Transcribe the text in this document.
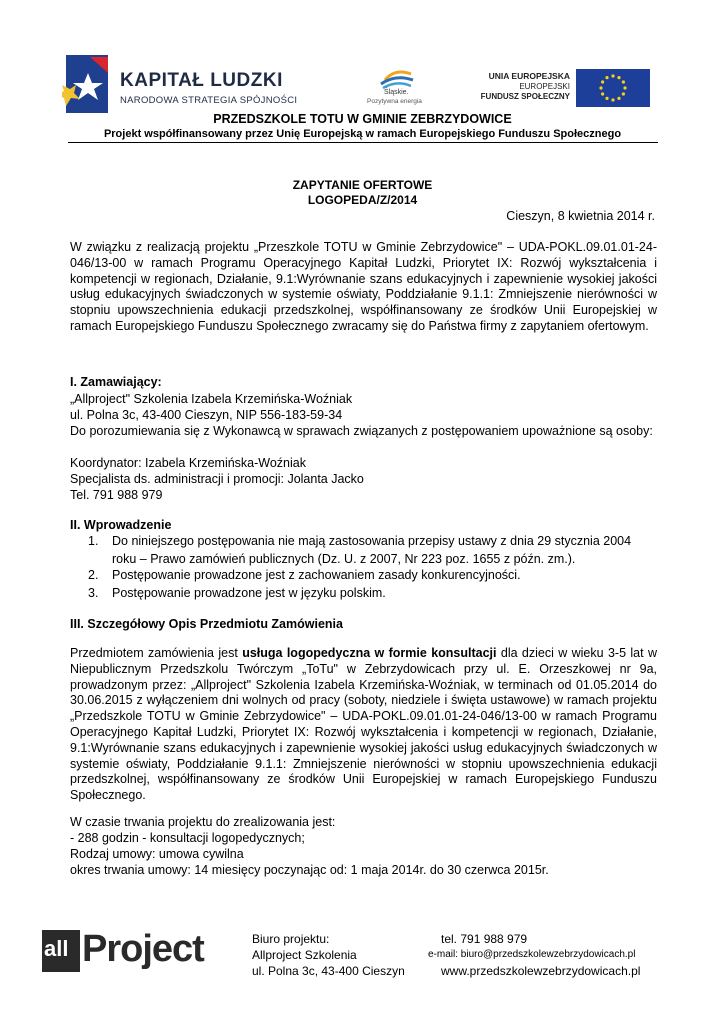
KAPITAŁ LUDZKI
NARODOWA STRATEGIA SPÓJNOŚCI
Śląskie.
Pozytywna energia
UNIA EUROPEJSKA
EUROPEJSKI
FUNDUSZ SPOŁECZNY
PRZEDSZKOLE TOTU W GMINIE ZEBRZYDOWICE
Projekt współfinansowany przez Unię Europejską w ramach Europejskiego Funduszu Społecznego
ZAPYTANIE OFERTOWE
LOGOPEDA/Z/2014
Cieszyn, 8 kwietnia 2014 r.
W związku z realizacją projektu „Przeszkole TOTU w Gminie Zebrzydowice" – UDA-POKL.09.01.01-24-046/13-00 w ramach Programu Operacyjnego Kapitał Ludzki, Priorytet IX: Rozwój wykształcenia i kompetencji w regionach, Działanie, 9.1:Wyrównanie szans edukacyjnych i zapewnienie wysokiej jakości usług edukacyjnych świadczonych w systemie oświaty, Poddziałanie 9.1.1: Zmniejszenie nierówności w stopniu upowszechnienia edukacji przedszkolnej, współfinansowany ze środków Unii Europejskiej w ramach Europejskiego Funduszu Społecznego zwracamy się do Państwa firmy z zapytaniem ofertowym.
I. Zamawiający:
„Allproject" Szkolenia Izabela Krzemińska-Woźniak
ul. Polna 3c, 43-400 Cieszyn, NIP 556-183-59-34
Do porozumiewania się z Wykonawcą w sprawach związanych z postępowaniem upoważnione są osoby:
Koordynator: Izabela Krzemińska-Woźniak
Specjalista ds. administracji i promocji: Jolanta Jacko
Tel. 791 988 979
II. Wprowadzenie
1. Do niniejszego postępowania nie mają zastosowania przepisy ustawy z dnia 29 stycznia 2004 roku – Prawo zamówień publicznych (Dz. U. z 2007, Nr 223 poz. 1655 z późn. zm.).
2. Postępowanie prowadzone jest z zachowaniem zasady konkurencyjności.
3. Postępowanie prowadzone jest w języku polskim.
III. Szczegółowy Opis Przedmiotu Zamówienia
Przedmiotem zamówienia jest usługa logopedyczna w formie konsultacji dla dzieci w wieku 3-5 lat w Niepublicznym Przedszkolu Twórczym „ToTu" w Zebrzydowicach przy ul. E. Orzeszkowej nr 9a, prowadzonym przez: „Allproject" Szkolenia Izabela Krzemińska-Woźniak, w terminach od 01.05.2014 do 30.06.2015 z wyłączeniem dni wolnych od pracy (soboty, niedziele i święta ustawowe) w ramach projektu „Przedszkole TOTU w Gminie Zebrzydowice" – UDA-POKL.09.01.01-24-046/13-00 w ramach Programu Operacyjnego Kapitał Ludzki, Priorytet IX: Rozwój wykształcenia i kompetencji w regionach, Działanie, 9.1:Wyrównanie szans edukacyjnych i zapewnienie wysokiej jakości usług edukacyjnych świadczonych w systemie oświaty, Poddziałanie 9.1.1: Zmniejszenie nierówności w stopniu upowszechnienia edukacji przedszkolnej, współfinansowany ze środków Unii Europejskiej w ramach Europejskiego Funduszu Społecznego.
W czasie trwania projektu do zrealizowania jest:
- 288 godzin - konsultacji logopedycznych;
Rodzaj umowy: umowa cywilna
okres trwania umowy: 14 miesięcy poczynając od: 1 maja 2014r. do 30 czerwca 2015r.
all Project	Biuro projektu:
Allproject Szkolenia
ul. Polna 3c, 43-400 Cieszyn
tel. 791 988 979
e-mail: biuro@przedszkolewzebrzydowicach.pl
www.przedszkolewzebrzydowicach.pl
